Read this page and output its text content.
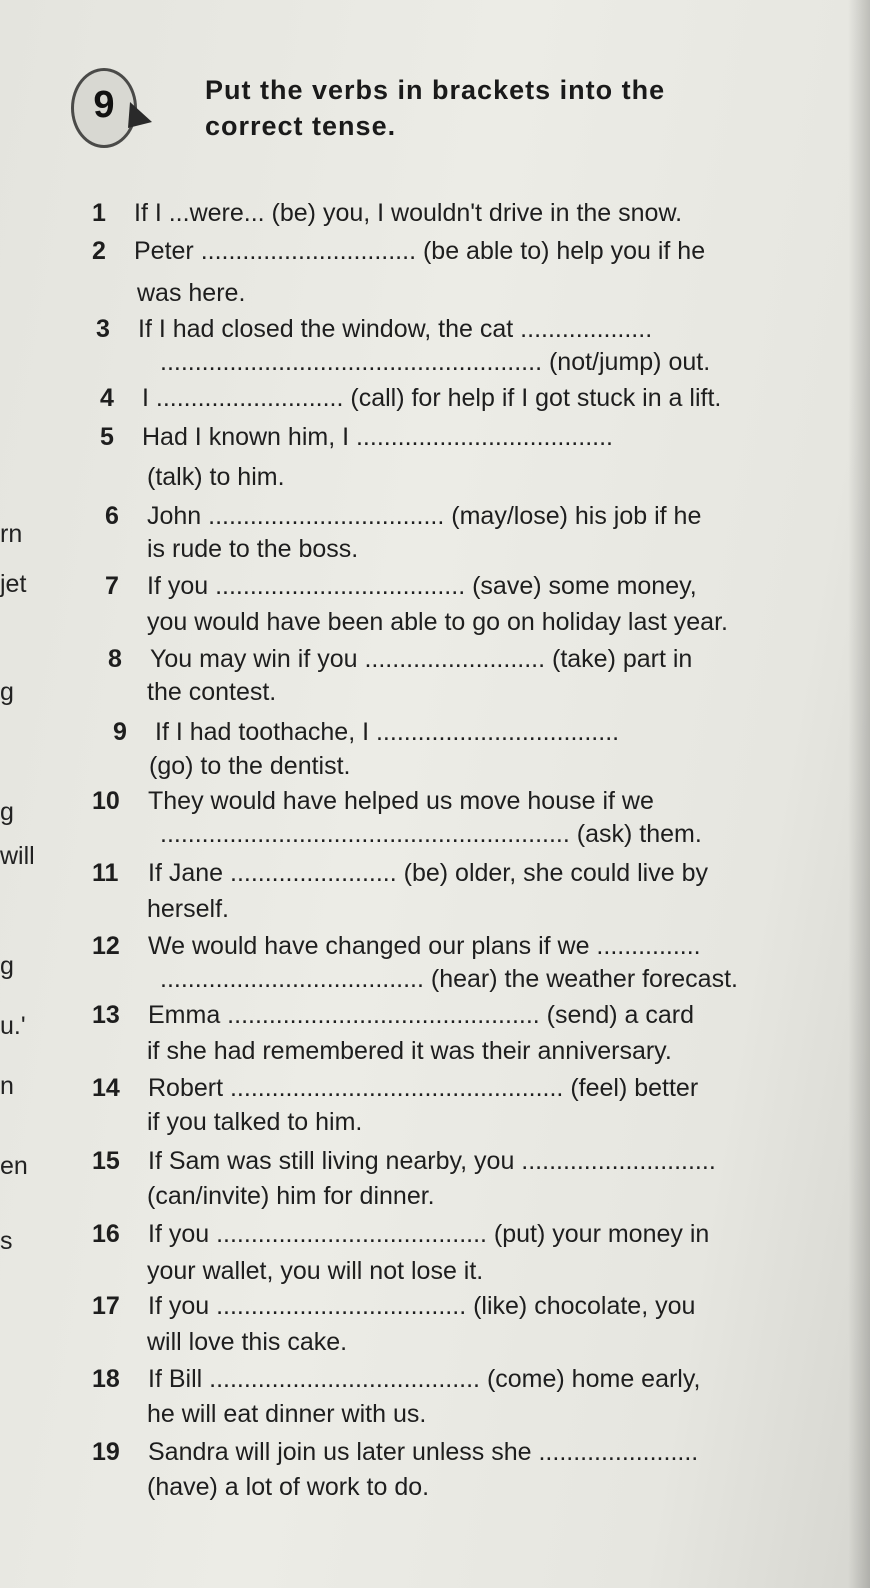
9	Put the verbs in brackets into the
correct tense.
rn
jet
g
g
will
g
u.'
n
en
s
1 If I ...were... (be) you, I wouldn't drive in the snow.
2 Peter ............................... (be able to) help you if he
was here.
3 If I had closed the window, the cat ...................
....................................................... (not/jump) out.
4 I ........................... (call) for help if I got stuck in a lift.
5 Had I known him, I .....................................
(talk) to him.
6 John .................................. (may/lose) his job if he
is rude to the boss.
7 If you .................................... (save) some money,
you would have been able to go on holiday last year.
8 You may win if you .......................... (take) part in
the contest.
9 If I had toothache, I ...................................
(go) to the dentist.
10 They would have helped us move house if we
........................................................... (ask) them.
11 If Jane ........................ (be) older, she could live by
herself.
12 We would have changed our plans if we ...............
...................................... (hear) the weather forecast.
13 Emma ............................................. (send) a card
if she had remembered it was their anniversary.
14 Robert ................................................ (feel) better
if you talked to him.
15 If Sam was still living nearby, you ............................
(can/invite) him for dinner.
16 If you ....................................... (put) your money in
your wallet, you will not lose it.
17 If you .................................... (like) chocolate, you
will love this cake.
18 If Bill ....................................... (come) home early,
he will eat dinner with us.
19 Sandra will join us later unless she .......................
(have) a lot of work to do.
